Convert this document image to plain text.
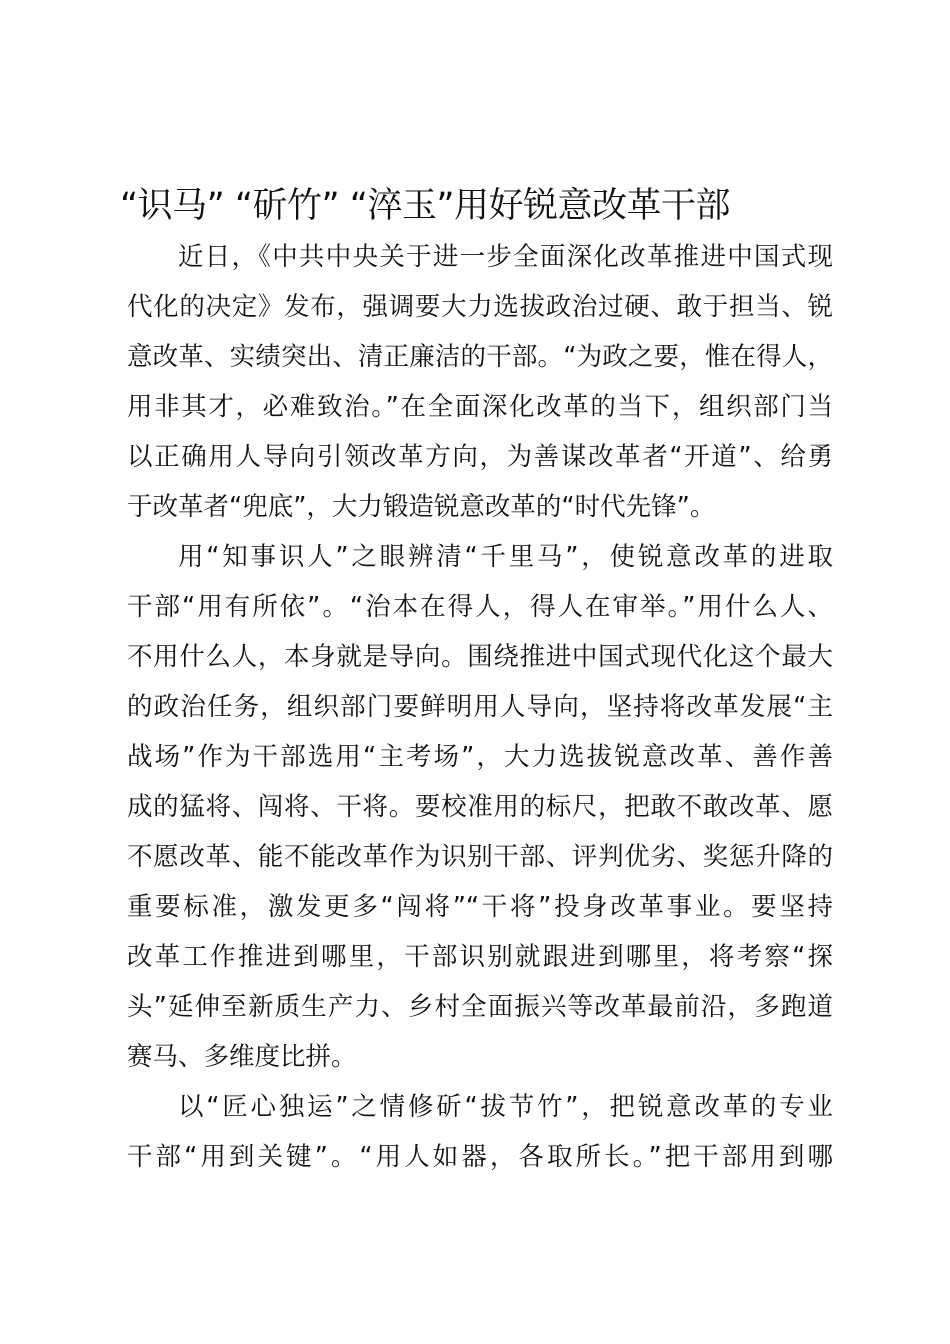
“识马” “斫竹” “淬玉”用好锐意改革干部
近日，《中共中央关于进一步全面深化改革推进中国式现
代化的决定》发布，强调要大力选拔政治过硬、敢于担当、锐
意改革、实绩突出、清正廉洁的干部。“为政之要，惟在得人，
用非其才，必难致治。”在全面深化改革的当下，组织部门当
以正确用人导向引领改革方向，为善谋改革者“开道”、给勇
于改革者“兜底”，大力锻造锐意改革的“时代先锋”。
用“知事识人”之眼辨清“千里马”，使锐意改革的进取
干部“用有所依”。“治本在得人，得人在审举。”用什么人、
不用什么人，本身就是导向。围绕推进中国式现代化这个最大
的政治任务，组织部门要鲜明用人导向，坚持将改革发展“主
战场”作为干部选用“主考场”，大力选拔锐意改革、善作善
成的猛将、闯将、干将。要校准用的标尺，把敢不敢改革、愿
不愿改革、能不能改革作为识别干部、评判优劣、奖惩升降的
重要标准，激发更多“闯将”“干将”投身改革事业。要坚持
改革工作推进到哪里，干部识别就跟进到哪里，将考察“探
头”延伸至新质生产力、乡村全面振兴等改革最前沿，多跑道
赛马、多维度比拼。
以“匠心独运”之情修斫“拔节竹”，把锐意改革的专业
干部“用到关键”。“用人如器，各取所长。”把干部用到哪
